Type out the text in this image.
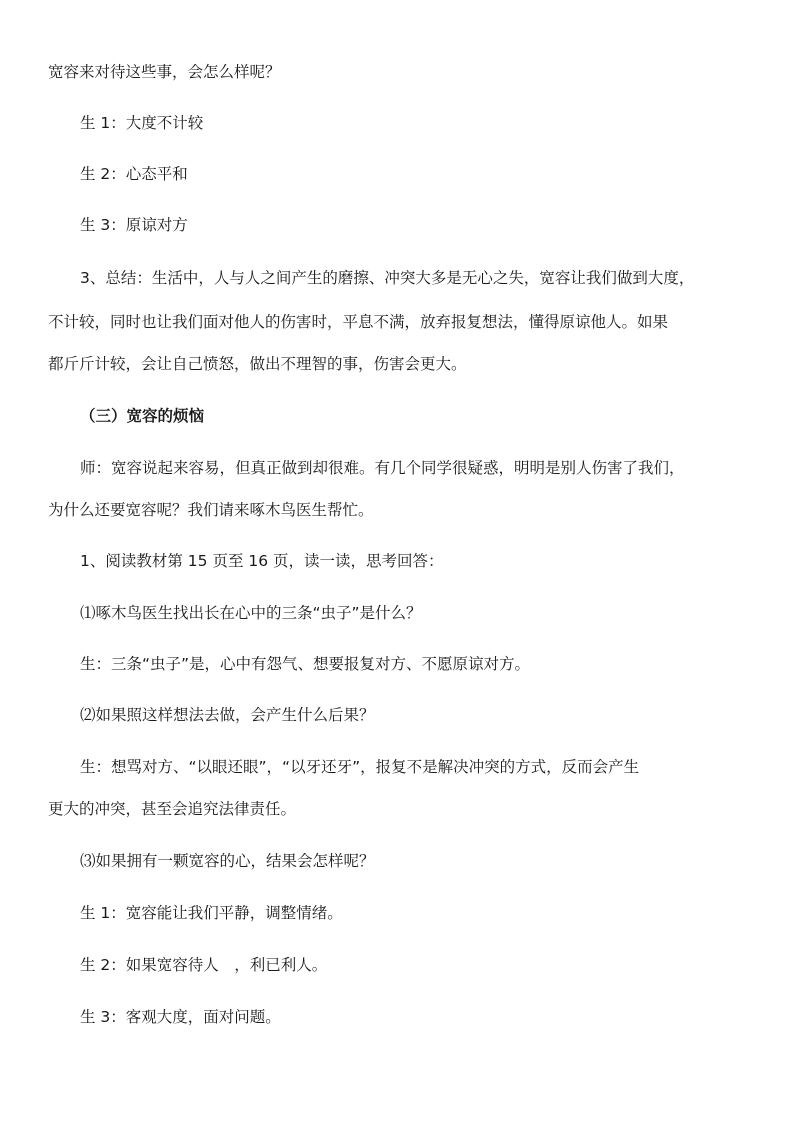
宽容来对待这些事，会怎么样呢？
生 1：大度不计较
生 2：心态平和
生 3：原谅对方
3、总结：生活中，人与人之间产生的磨擦、冲突大多是无心之失，宽容让我们做到大度，
不计较，同时也让我们面对他人的伤害时，平息不满，放弃报复想法，懂得原谅他人。如果
都斤斤计较，会让自己愤怒，做出不理智的事，伤害会更大。
（三）宽容的烦恼
师：宽容说起来容易，但真正做到却很难。有几个同学很疑惑，明明是别人伤害了我们，
为什么还要宽容呢？我们请来啄木鸟医生帮忙。
1、阅读教材第 15 页至 16 页，读一读，思考回答：
⑴啄木鸟医生找出长在心中的三条“虫子”是什么？
生：三条“虫子”是，心中有怨气、想要报复对方、不愿原谅对方。
⑵如果照这样想法去做，会产生什么后果？
生：想骂对方、“以眼还眼”，“以牙还牙”，报复不是解决冲突的方式，反而会产生
更大的冲突，甚至会追究法律责任。
⑶如果拥有一颗宽容的心，结果会怎样呢？
生 1：宽容能让我们平静，调整情绪。
生 2：如果宽容待人　，利已利人。
生 3：客观大度，面对问题。
